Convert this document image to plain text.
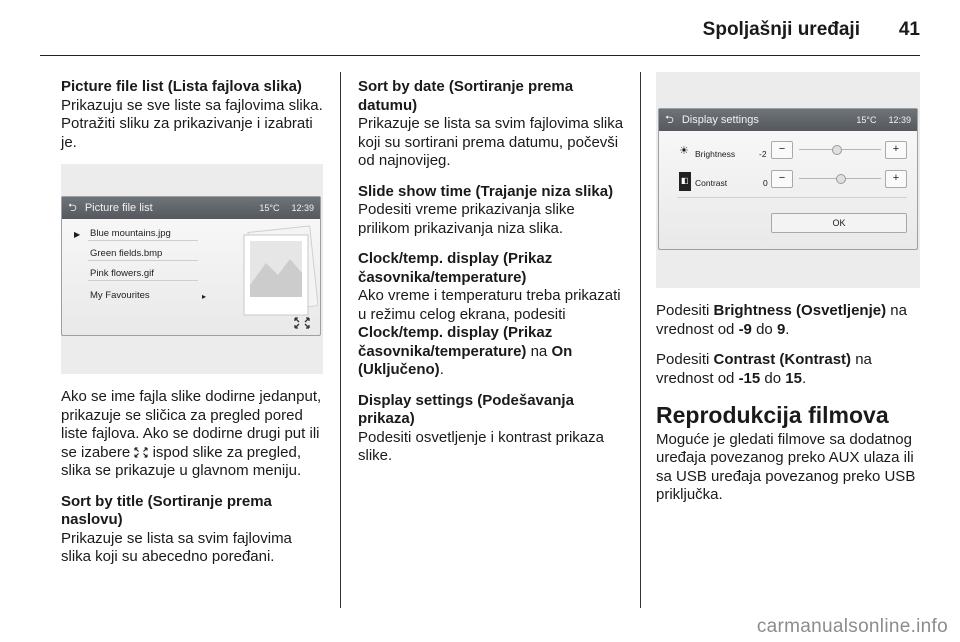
Spoljašnji uređaji 41

Picture file list (Lista fajlova slika)
Prikazuju se sve liste sa fajlovima slika. Potražiti sliku za prikazivanje i izabrati je.

⮌ Picture file list	15°C 12:39
▶ Blue mountains.jpg
Green fields.bmp
Pink flowers.gif
My Favourites	▸

Ako se ime fajla slike dodirne jedanput, prikazuje se sličica za pregled pored liste fajlova. Ako se dodirne drugi put ili se izabere ispod slike za pregled, slika se prikazuje u glavnom meniju.

Sort by title (Sortiranje prema naslovu)
Prikazuje se lista sa svim fajlovima slika koji su abecedno poređani.

Sort by date (Sortiranje prema datumu)
Prikazuje se lista sa svim fajlovima slika koji su sortirani prema datumu, počevši od najnovijeg.

Slide show time (Trajanje niza slika)
Podesiti vreme prikazivanja slike prilikom prikazivanja niza slika.

Clock/temp. display (Prikaz časovnika/temperature)
Ako vreme i temperaturu treba prikazati u režimu celog ekrana, podesiti Clock/temp. display (Prikaz časovnika/temperature) na On (Uključeno).

Display settings (Podešavanja prikaza)
Podesiti osvetljenje i kontrast prikaza slike.

⮌ Display settings	15°C 12:39
☀ Brightness	-2	−	+
◧ Contrast	0	−	+
OK

Podesiti Brightness (Osvetljenje) na vrednost od -9 do 9.

Podesiti Contrast (Kontrast) na vrednost od -15 do 15.

Reprodukcija filmova

Moguće je gledati filmove sa dodatnog uređaja povezanog preko AUX ulaza ili sa USB uređaja povezanog preko USB priključka.

carmanualsonline.info
